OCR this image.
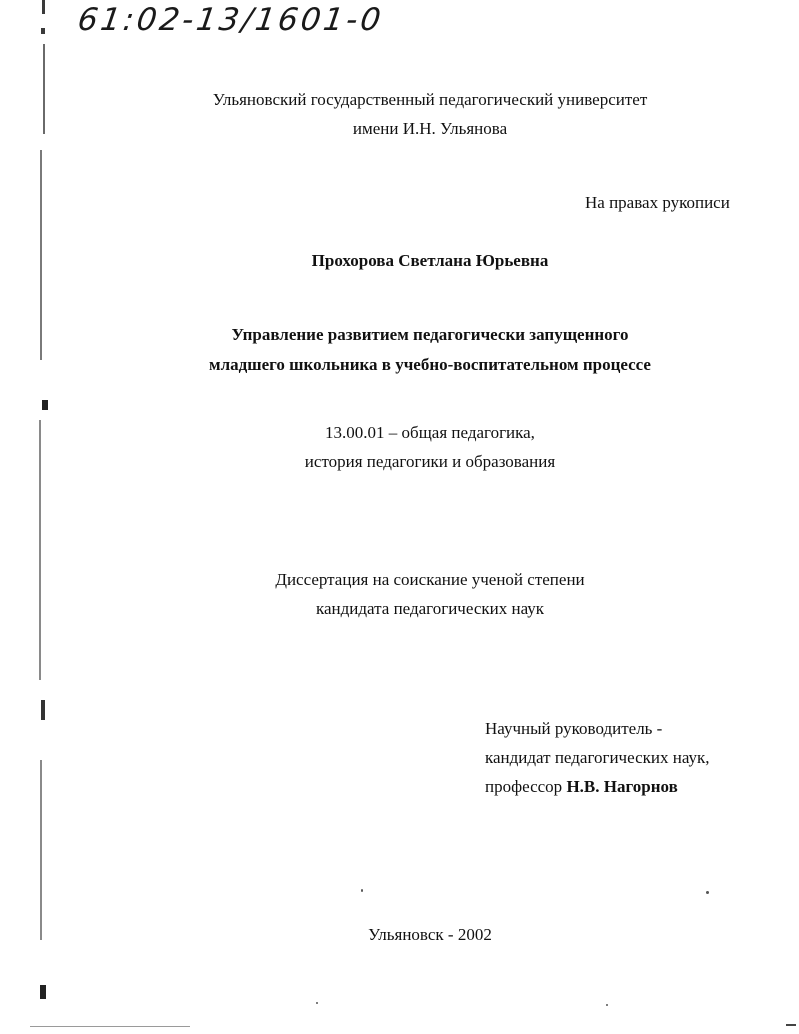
61:02-13/1601-0
Ульяновский государственный педагогический университет
имени И.Н. Ульянова
На правах рукописи
Прохорова Светлана Юрьевна
Управление развитием педагогически запущенного
младшего школьника в учебно-воспитательном процессе
13.00.01 – общая педагогика,
история педагогики и образования
Диссертация на соискание ученой степени
кандидата педагогических наук
Научный руководитель -
кандидат педагогических наук,
профессор Н.В. Нагорнов
Ульяновск - 2002
